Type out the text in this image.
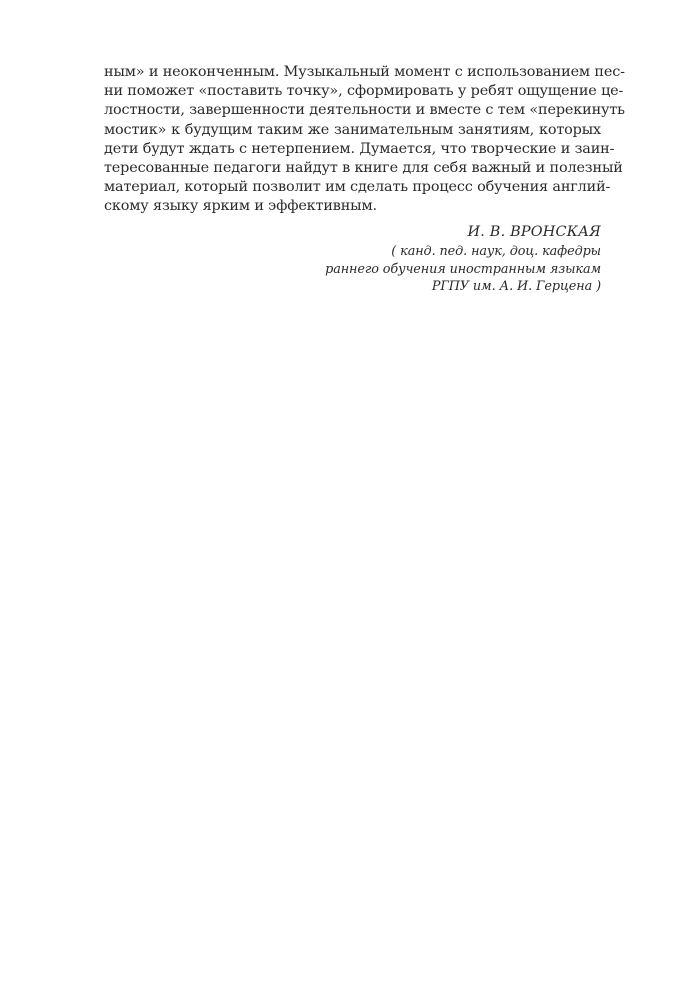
ным» и неоконченным. Музыкальный момент с использованием пес-
ни поможет «поставить точку», сформировать у ребят ощущение це-
лостности, завершенности деятельности и вместе с тем «перекинуть
мостик» к будущим таким же занимательным занятиям, которых
дети будут ждать с нетерпением. Думается, что творческие и заин-
тересованные педагоги найдут в книге для себя важный и полезный
материал, который позволит им сделать процесс обучения англий-
скому языку ярким и эффективным.
И. В. ВРОНСКАЯ
( канд. пед. наук, доц. кафедры
раннего обучения иностранным языкам
РГПУ им. А. И. Герцена )
